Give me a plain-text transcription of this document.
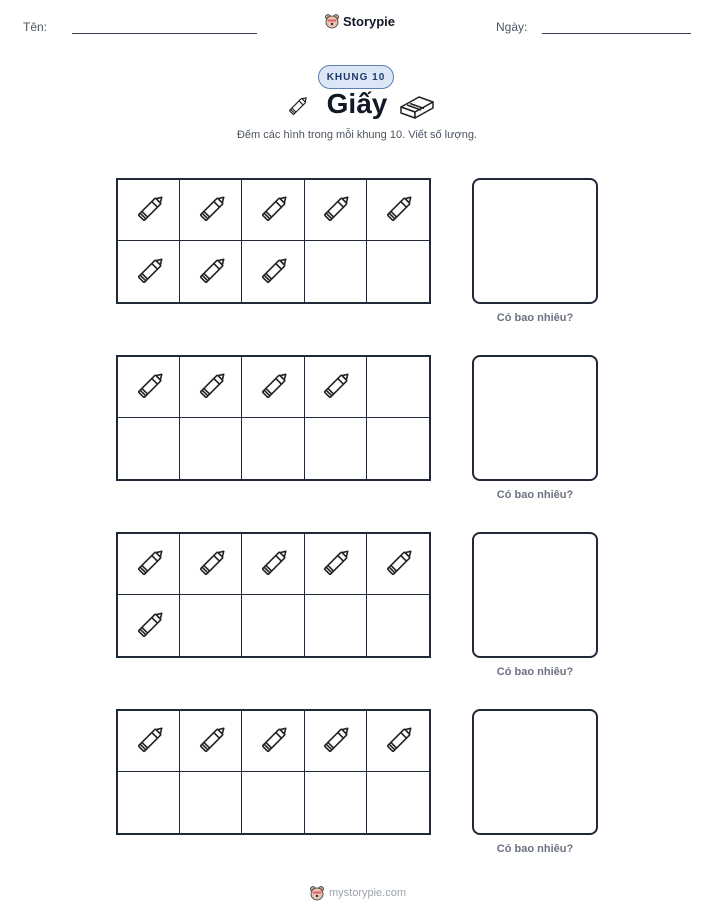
Tên:	Storypie	Ngày:
KHUNG 10
Giấy
Đếm các hình trong mỗi khung 10. Viết số lượng.
Có bao nhiêu?
Có bao nhiêu?
Có bao nhiêu?
Có bao nhiêu?
mystorypie.com
